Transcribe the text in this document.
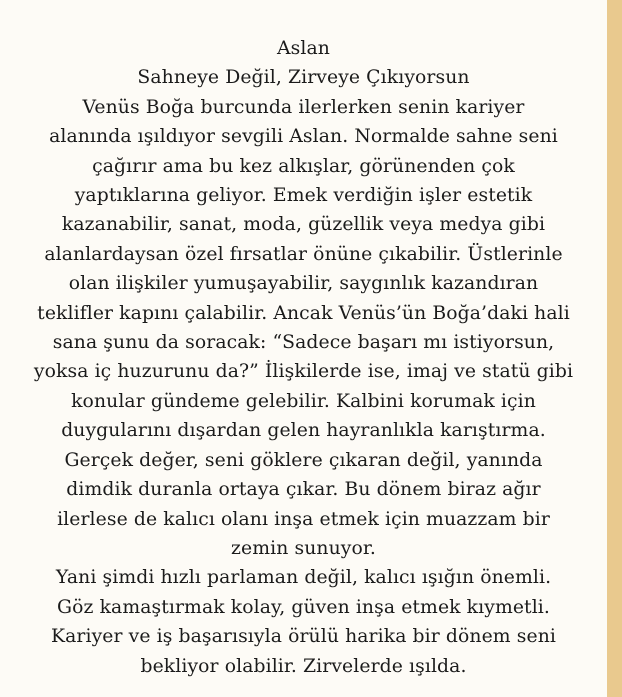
Aslan
Sahneye Değil, Zirveye Çıkıyorsun
Venüs Boğa burcunda ilerlerken senin kariyer
alanında ışıldıyor sevgili Aslan. Normalde sahne seni
çağırır ama bu kez alkışlar, görünenden çok
yaptıklarına geliyor. Emek verdiğin işler estetik
kazanabilir, sanat, moda, güzellik veya medya gibi
alanlardaysan özel fırsatlar önüne çıkabilir. Üstlerinle
olan ilişkiler yumuşayabilir, saygınlık kazandıran
teklifler kapını çalabilir. Ancak Venüs’ün Boğa’daki hali
sana şunu da soracak: “Sadece başarı mı istiyorsun,
yoksa iç huzurunu da?” İlişkilerde ise, imaj ve statü gibi
konular gündeme gelebilir. Kalbini korumak için
duygularını dışardan gelen hayranlıkla karıştırma.
Gerçek değer, seni göklere çıkaran değil, yanında
dimdik duranla ortaya çıkar. Bu dönem biraz ağır
ilerlese de kalıcı olanı inşa etmek için muazzam bir
zemin sunuyor.
Yani şimdi hızlı parlaman değil, kalıcı ışığın önemli.
Göz kamaştırmak kolay, güven inşa etmek kıymetli.
Kariyer ve iş başarısıyla örülü harika bir dönem seni
bekliyor olabilir. Zirvelerde ışılda.
